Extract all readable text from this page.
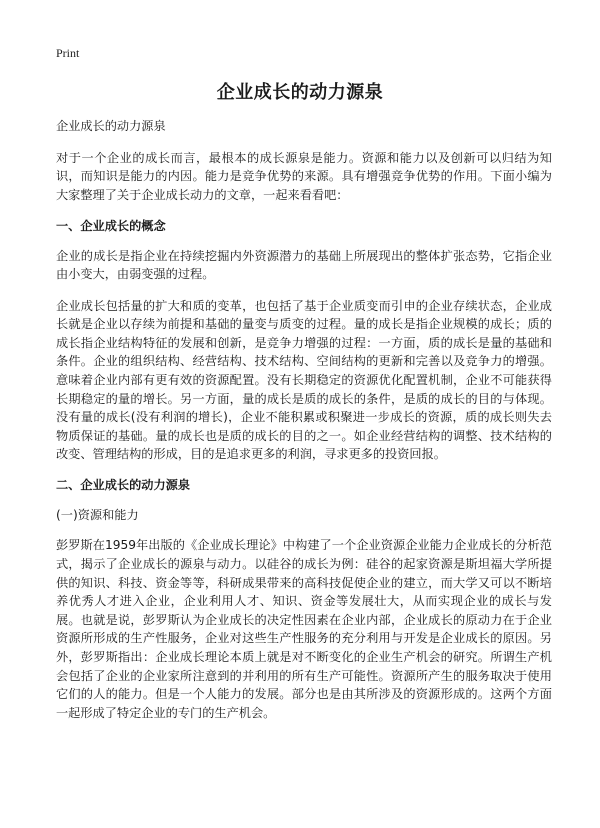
Print
企业成长的动力源泉

企业成长的动力源泉

对于一个企业的成长而言，最根本的成长源泉是能力。资源和能力以及创新可以归结为知识，而知识是能力的内因。能力是竞争优势的来源。具有增强竞争优势的作用。下面小编为大家整理了关于企业成长动力的文章，一起来看看吧：

一、企业成长的概念

企业的成长是指企业在持续挖掘内外资源潜力的基础上所展现出的整体扩张态势，它指企业由小变大，由弱变强的过程。

企业成长包括量的扩大和质的变革，也包括了基于企业质变而引申的企业存续状态，企业成长就是企业以存续为前提和基础的量变与质变的过程。量的成长是指企业规模的成长；质的成长指企业结构特征的发展和创新，是竞争力增强的过程：一方面，质的成长是量的基础和条件。企业的组织结构、经营结构、技术结构、空间结构的更新和完善以及竞争力的增强。意味着企业内部有更有效的资源配置。没有长期稳定的资源优化配置机制，企业不可能获得长期稳定的量的增长。另一方面，量的成长是质的成长的条件，是质的成长的目的与体现。没有量的成长(没有利润的增长)，企业不能积累或积聚进一步成长的资源，质的成长则失去物质保证的基础。量的成长也是质的成长的目的之一。如企业经营结构的调整、技术结构的改变、管理结构的形成，目的是追求更多的利润，寻求更多的投资回报。

二、企业成长的动力源泉
(一)资源和能力

彭罗斯在1959年出版的《企业成长理论》中构建了一个企业资源企业能力企业成长的分析范式，揭示了企业成长的源泉与动力。以硅谷的成长为例：硅谷的起家资源是斯坦福大学所提供的知识、科技、资金等等，科研成果带来的高科技促使企业的建立，而大学又可以不断培养优秀人才进入企业，企业利用人才、知识、资金等发展壮大，从而实现企业的成长与发展。也就是说，彭罗斯认为企业成长的决定性因素在企业内部，企业成长的原动力在于企业资源所形成的生产性服务，企业对这些生产性服务的充分利用与开发是企业成长的原因。另外，彭罗斯指出：企业成长理论本质上就是对不断变化的企业生产机会的研究。所谓生产机会包括了企业的企业家所注意到的并利用的所有生产可能性。资源所产生的服务取决于使用它们的人的能力。但是一个人能力的发展。部分也是由其所涉及的资源形成的。这两个方面一起形成了特定企业的专门的生产机会。
